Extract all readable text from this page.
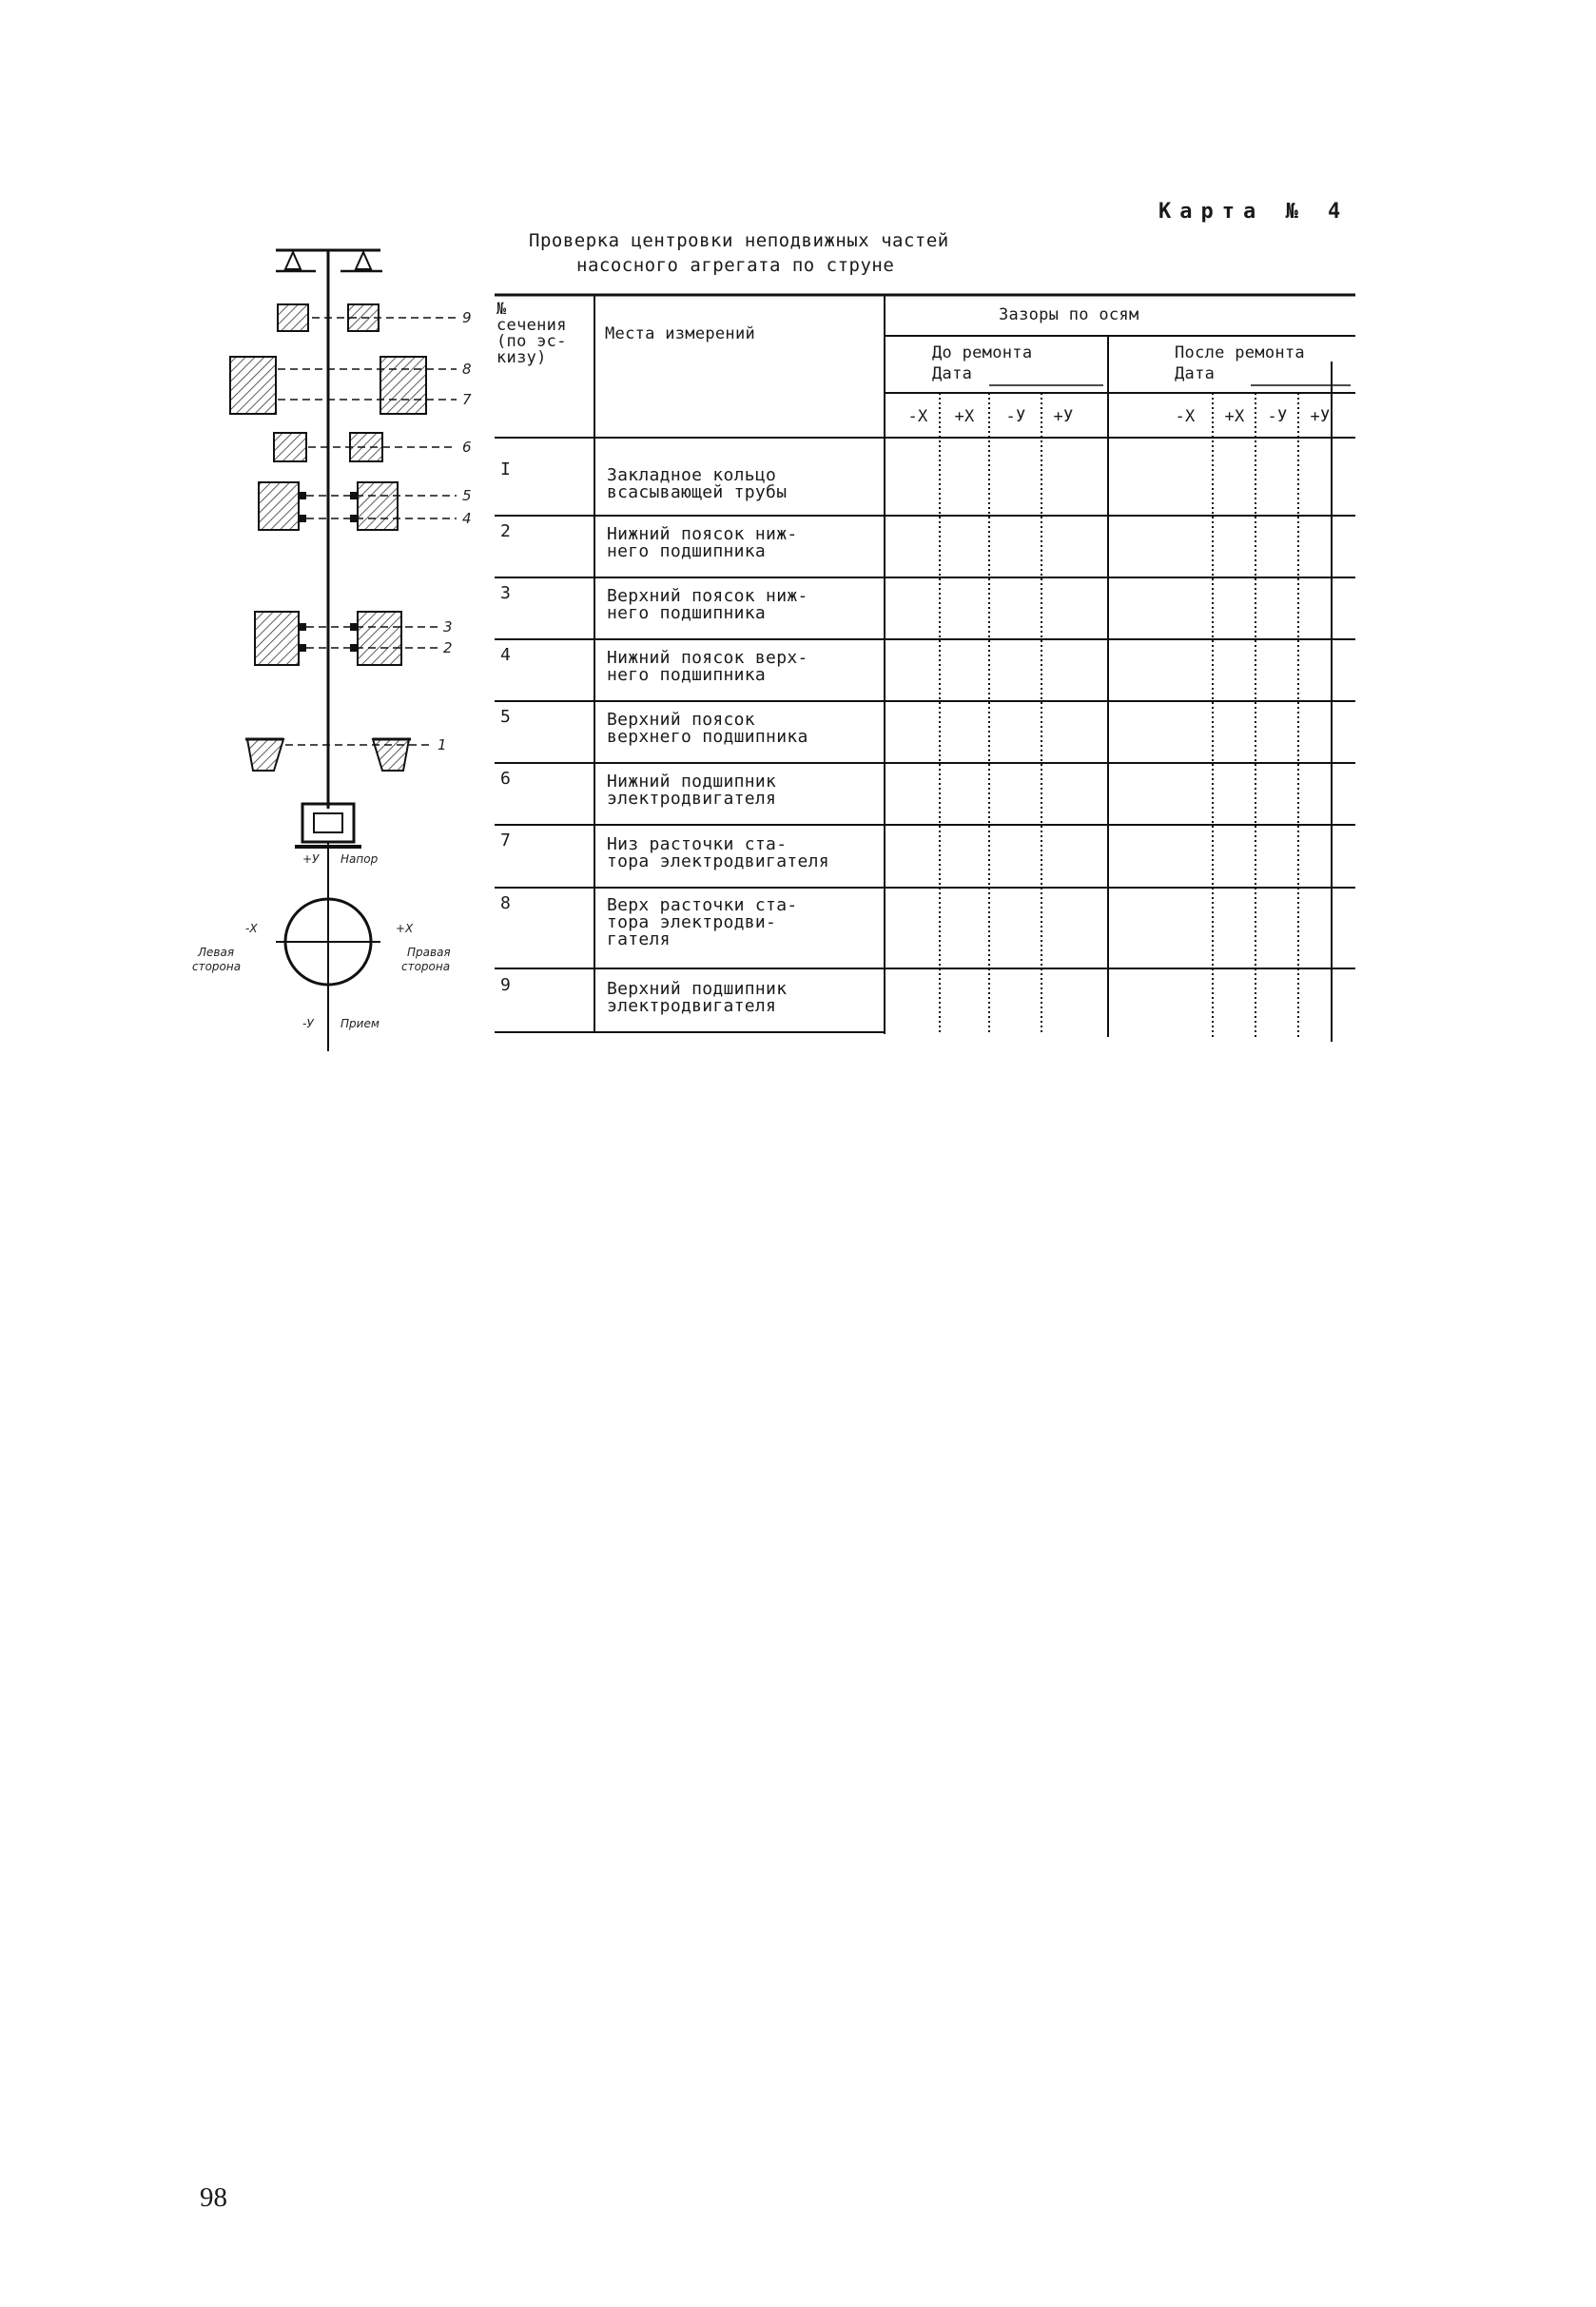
Карта № 4
Проверка центровки неподвижных частей
насосного агрегата по струне
9
8
7
6
5
4
3
2
1
+У Напор
-У Прием
-Х
Левая
сторона
+Х
Правая
сторона
№
сечения
(по эс-
кизу)
Места измерений
Зазоры по осям
До ремонта
Дата
После ремонта
Дата
-Х	+Х	-У	+У	-Х	+Х	-У	+У
I	Закладное кольцо
всасывающей трубы
2	Нижний поясок ниж-
него подшипника
3	Верхний поясок ниж-
него подшипника
4	Нижний поясок верх-
него подшипника
5	Верхний поясок
верхнего подшипника
6	Нижний подшипник
электродвигателя
7	Низ расточки ста-
тора электродвигателя
8	Верх расточки ста-
тора электродви-
гателя
9	Верхний подшипник
электродвигателя
98
